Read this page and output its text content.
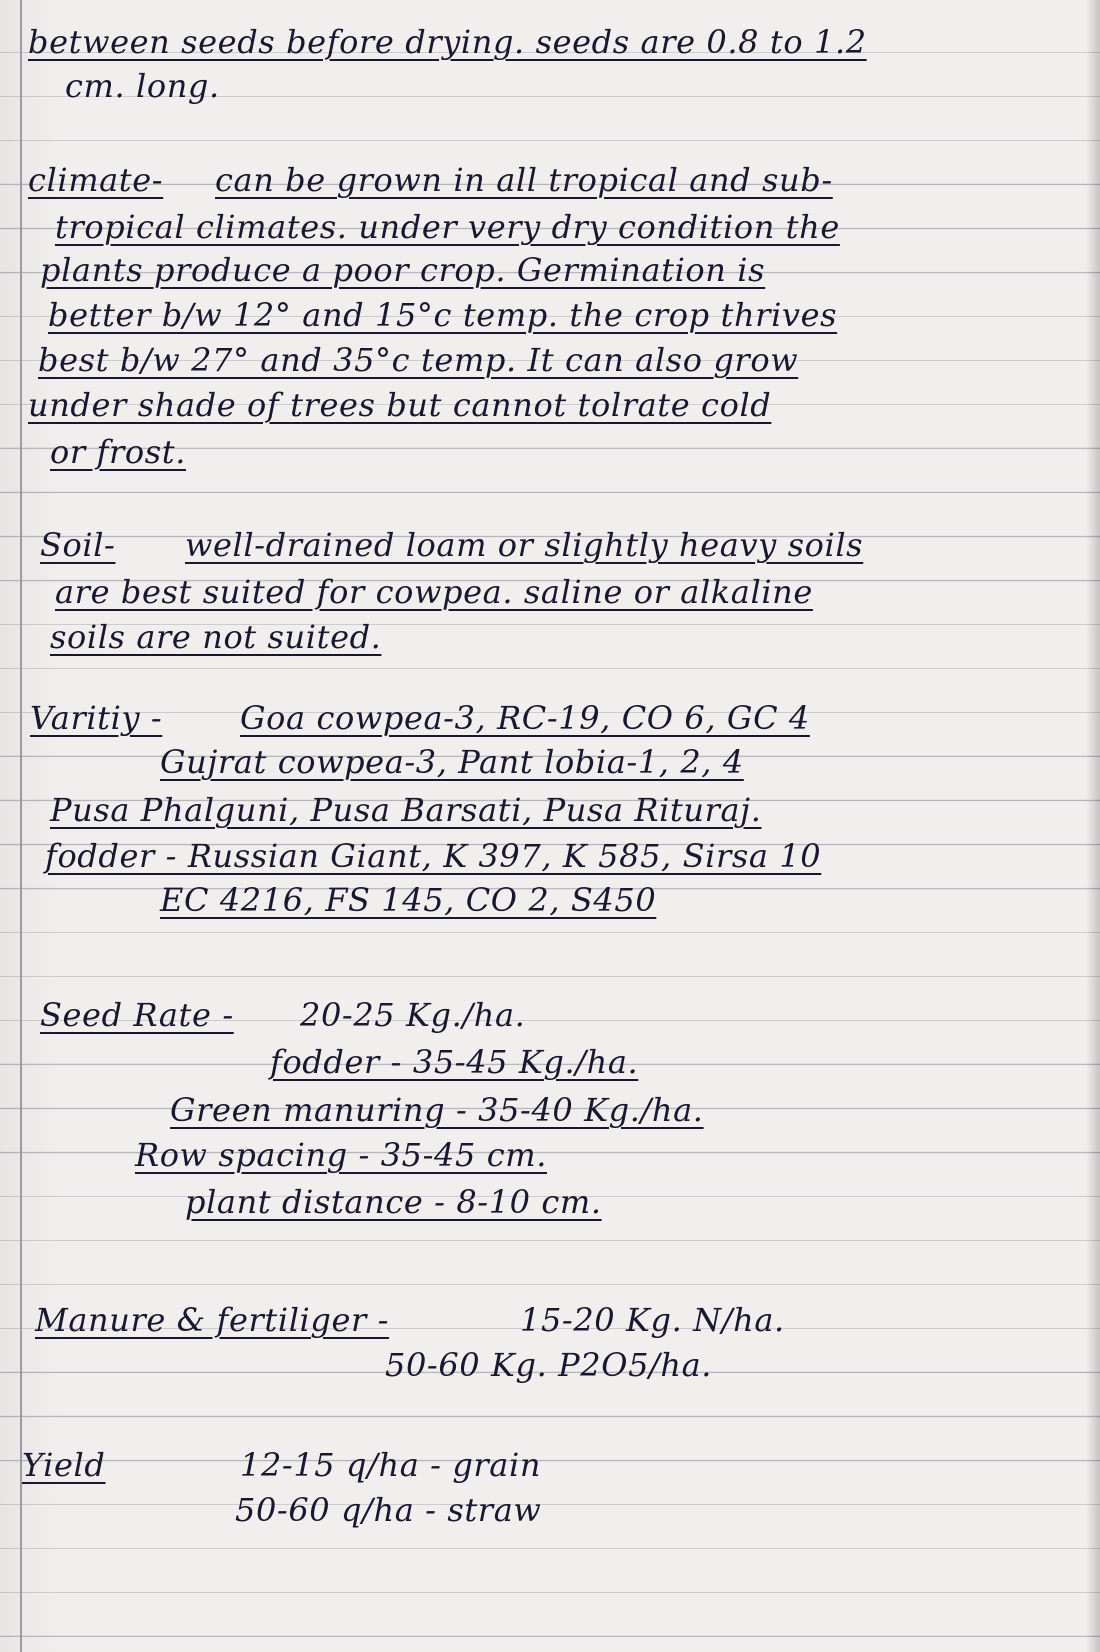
between seeds before drying. seeds are 0.8 to 1.2
cm. long.
climate- can be grown in all tropical and sub-
tropical climates. under very dry condition the
plants produce a poor crop. Germination is
better b/w 12° and 15°c temp. the crop thrives
best b/w 27° and 35°c temp. It can also grow
under shade of trees but cannot tolrate cold
or frost.
Soil- well-drained loam or slightly heavy soils
are best suited for cowpea. saline or alkaline
soils are not suited.
Varitiy - Goa cowpea-3, RC-19, CO 6, GC 4
Gujrat cowpea-3, Pant lobia-1, 2, 4
Pusa Phalguni, Pusa Barsati, Pusa Rituraj.
fodder - Russian Giant, K 397, K 585, Sirsa 10
EC 4216, FS 145, CO 2, S450
Seed Rate - 20-25 Kg./ha.
fodder - 35-45 Kg./ha.
Green manuring - 35-40 Kg./ha.
Row spacing - 35-45 cm.
plant distance - 8-10 cm.
Manure & fertiliger -	15-20 Kg. N/ha.
50-60 Kg. P2O5/ha.
Yield	12-15 q/ha - grain
50-60 q/ha - straw
